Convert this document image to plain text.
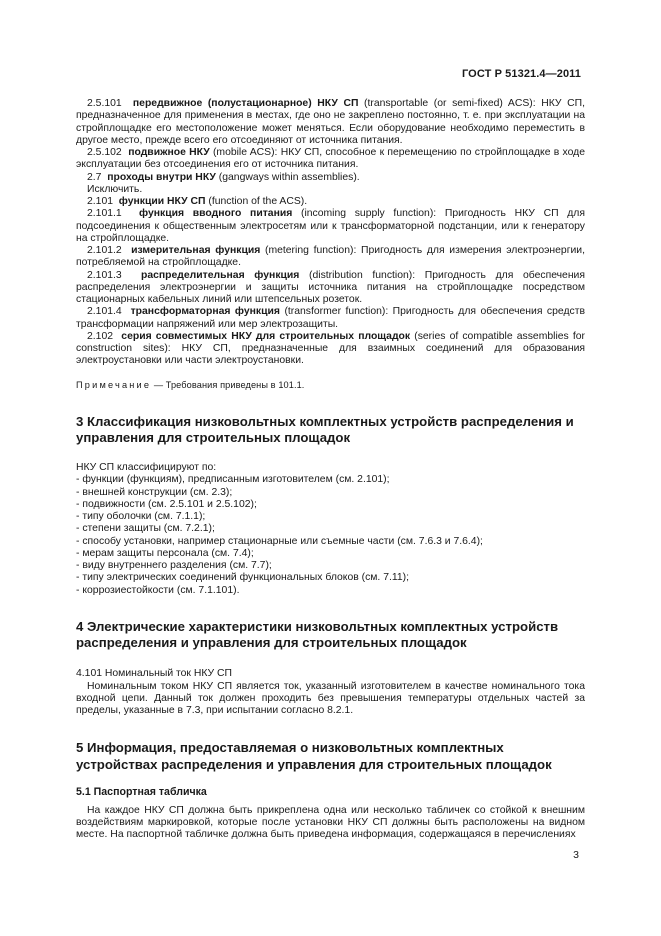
ГОСТ Р 51321.4—2011

2.5.101 передвижное (полустационарное) НКУ СП (transportable (or semi-fixed) ACS): НКУ СП, предназначенное для применения в местах, где оно не закреплено постоянно, т. е. при эксплуатации на стройплощадке его местоположение может меняться. Если оборудование необходимо переместить в другое место, прежде всего его отсоединяют от источника питания.

2.5.102 подвижное НКУ (mobile ACS): НКУ СП, способное к перемещению по стройплощадке в ходе эксплуатации без отсоединения его от источника питания.

2.7 проходы внутри НКУ (gangways within assemblies).

Исключить.

2.101 функции НКУ СП (function of the ACS).

2.101.1 функция вводного питания (incoming supply function): Пригодность НКУ СП для подсоединения к общественным электросетям или к трансформаторной подстанции, или к генератору на стройплощадке.

2.101.2 измерительная функция (metering function): Пригодность для измерения электроэнергии, потребляемой на стройплощадке.

2.101.3 распределительная функция (distribution function): Пригодность для обеспечения распределения электроэнергии и защиты источника питания на стройплощадке посредством стационарных кабельных линий или штепсельных розеток.

2.101.4 трансформаторная функция (transformer function): Пригодность для обеспечения средств трансформации напряжений или мер электрозащиты.

2.102 серия совместимых НКУ для строительных площадок (series of compatible assemblies for construction sites): НКУ СП, предназначенные для взаимных соединений для образования электроустановки или части электроустановки.

Примечание — Требования приведены в 101.1.

3 Классификация низковольтных комплектных устройств распределения и управления для строительных площадок

НКУ СП классифицируют по:

- функции (функциям), предписанным изготовителем (см. 2.101);
- внешней конструкции (см. 2.3);
- подвижности (см. 2.5.101 и 2.5.102);
- типу оболочки (см. 7.1.1);
- степени защиты (см. 7.2.1);
- способу установки, например стационарные или съемные части (см. 7.6.3 и 7.6.4);
- мерам защиты персонала (см. 7.4);
- виду внутреннего разделения (см. 7.7);
- типу электрических соединений функциональных блоков (см. 7.11);
- коррозиестойкости (см. 7.1.101).
4 Электрические характеристики низковольтных комплектных устройств распределения и управления для строительных площадок

4.101 Номинальный ток НКУ СП

Номинальным током НКУ СП является ток, указанный изготовителем в качестве номинального тока входной цепи. Данный ток должен проходить без превышения температуры отдельных частей за пределы, указанные в 7.3, при испытании согласно 8.2.1.

5 Информация, предоставляемая о низковольтных комплектных устройствах распределения и управления для строительных площадок
5.1 Паспортная табличка

На каждое НКУ СП должна быть прикреплена одна или несколько табличек со стойкой к внешним воздействиям маркировкой, которые после установки НКУ СП должны быть расположены на видном месте. На паспортной табличке должна быть приведена информация, содержащаяся в перечислениях

3
